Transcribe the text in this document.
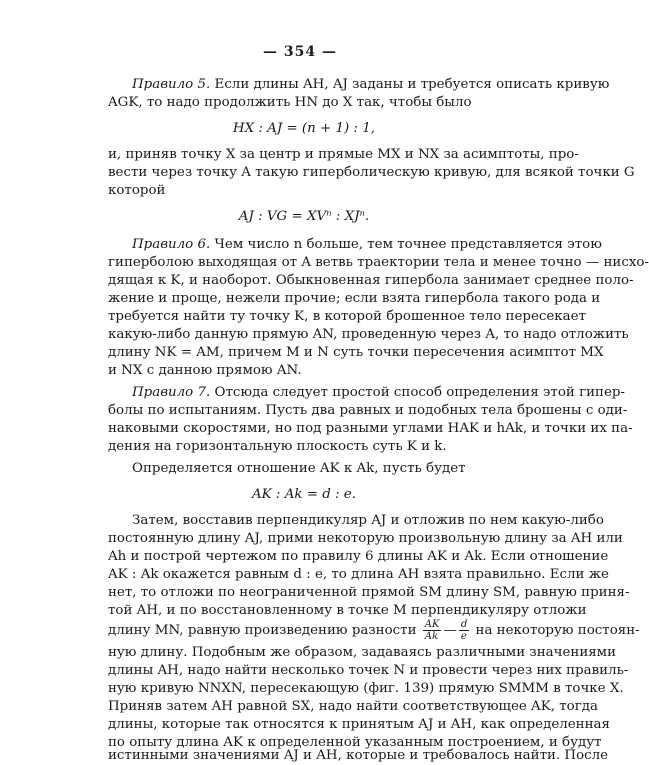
— 354 —
Правило 5. Если длины AH, AJ заданы и требуется описать кривую
AGK, то надо продолжить HN до X так, чтобы было
HX : AJ = (n + 1) : 1,
и, приняв точку X за центр и прямые MX и NX за асимптоты, про-
вести через точку A такую гиперболическую кривую, для всякой точки G
которой
AJ : VG = XVⁿ : XJⁿ.
Правило 6. Чем число n больше, тем точнее представляется этою
гиперболою выходящая от A ветвь траектории тела и менее точно — нисхо-
дящая к K, и наоборот. Обыкновенная гипербола занимает среднее поло-
жение и проще, нежели прочие; если взята гипербола такого рода и
требуется найти ту точку K, в которой брошенное тело пересекает
какую-либо данную прямую AN, проведенную через A, то надо отложить
длину NK = AM, причем M и N суть точки пересечения асимптот MX
и NX с данною прямою AN.
Правило 7. Отсюда следует простой способ определения этой гипер-
болы по испытаниям. Пусть два равных и подобных тела брошены с оди-
наковыми скоростями, но под разными углами HAK и hAk, и точки их па-
дения на горизонтальную плоскость суть K и k.
Определяется отношение AK к Ak, пусть будет
AK : Ak = d : e.
Затем, восставив перпендикуляр AJ и отложив по нем какую-либо
постоянную длину AJ, прими некоторую произвольную длину за AH или
Ah и построй чертежом по правилу 6 длины AK и Ak. Если отношение
AK : Ak окажется равным d : e, то длина AH взята правильно. Если же
нет, то отложи по неограниченной прямой SM длину SM, равную приня-
той AH, и по восстановленному в точке M перпендикуляру отложи
длину MN, равную произведению разности $\frac{AK}{Ak}$ — $\frac{d}{e}$ на некоторую постоян-
ную длину. Подобным же образом, задаваясь различными значениями
длины AH, надо найти несколько точек N и провести через них правиль-
ную кривую NNXN, пересекающую (фиг. 139) прямую SMMM в точке X.
Приняв затем AH равной SX, надо найти соответствующее AK, тогда
длины, которые так относятся к принятым AJ и AH, как определенная
по опыту длина AK к определенной указанным построением, и будут
истинными значениями AJ и AH, которые и требовалось найти. После
